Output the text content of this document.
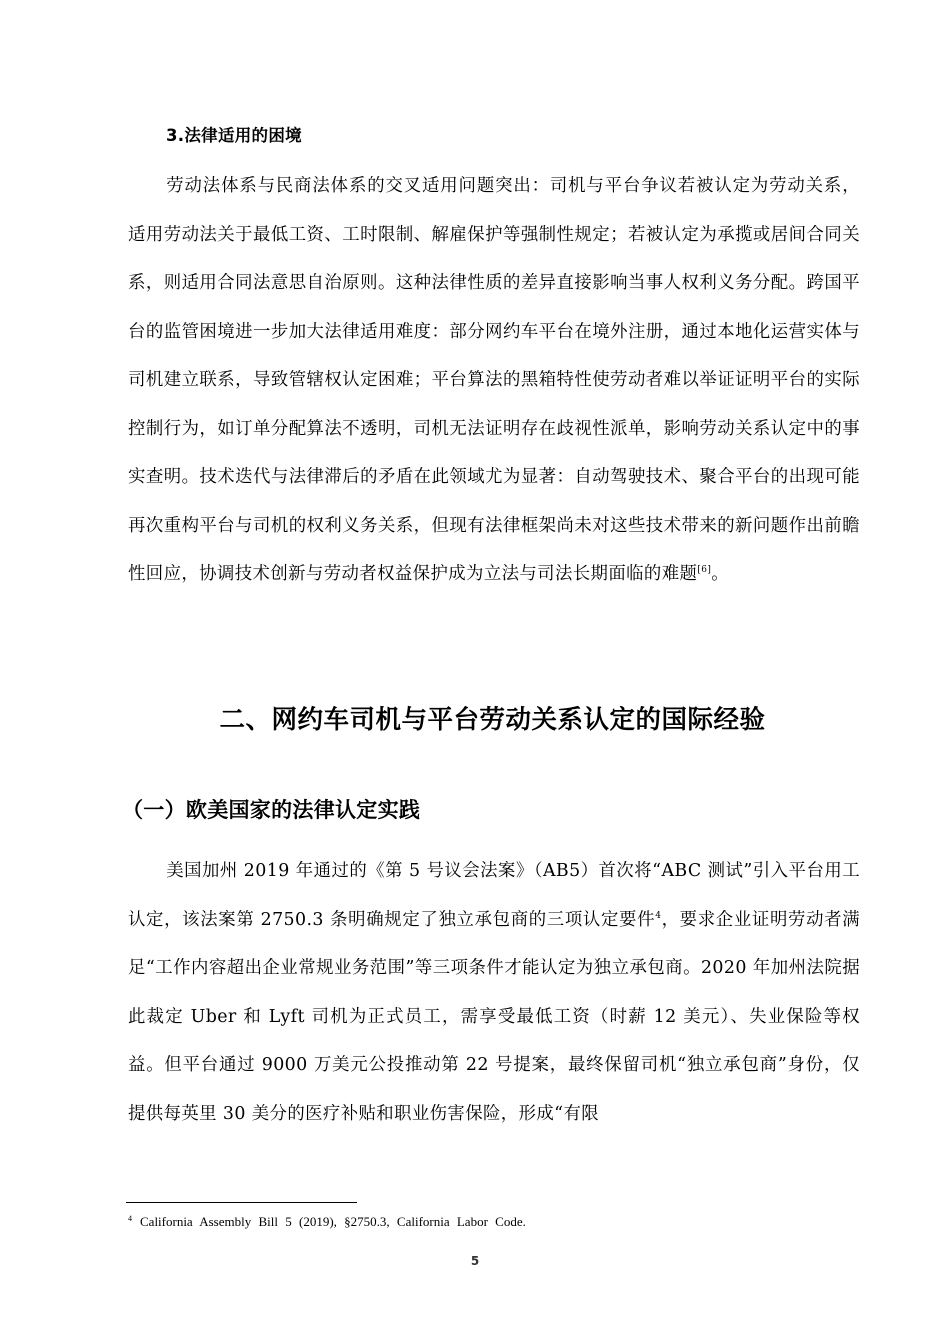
3.法律适用的困境
劳动法体系与民商法体系的交叉适用问题突出：司机与平台争议若被认定为劳动关系，适用劳动法关于最低工资、工时限制、解雇保护等强制性规定；若被认定为承揽或居间合同关系，则适用合同法意思自治原则。这种法律性质的差异直接影响当事人权利义务分配。跨国平台的监管困境进一步加大法律适用难度：部分网约车平台在境外注册，通过本地化运营实体与司机建立联系，导致管辖权认定困难；平台算法的黑箱特性使劳动者难以举证证明平台的实际控制行为，如订单分配算法不透明，司机无法证明存在歧视性派单，影响劳动关系认定中的事实查明。技术迭代与法律滞后的矛盾在此领域尤为显著：自动驾驶技术、聚合平台的出现可能再次重构平台与司机的权利义务关系，但现有法律框架尚未对这些技术带来的新问题作出前瞻性回应，协调技术创新与劳动者权益保护成为立法与司法长期面临的难题[6]。
二、网约车司机与平台劳动关系认定的国际经验
（一）欧美国家的法律认定实践
美国加州 2019 年通过的《第 5 号议会法案》（AB5）首次将“ABC 测试”引入平台用工认定，该法案第 2750.3 条明确规定了独立承包商的三项认定要件$^4$，要求企业证明劳动者满足“工作内容超出企业常规业务范围”等三项条件才能认定为独立承包商。2020 年加州法院据此裁定 Uber 和 Lyft 司机为正式员工，需享受最低工资（时薪 12 美元）、失业保险等权益。但平台通过 9000 万美元公投推动第 22 号提案，最终保留司机“独立承包商”身份，仅提供每英里 30 美分的医疗补贴和职业伤害保险，形成“有限
$^4$ California Assembly Bill 5 (2019), §2750.3, California Labor Code.
5
